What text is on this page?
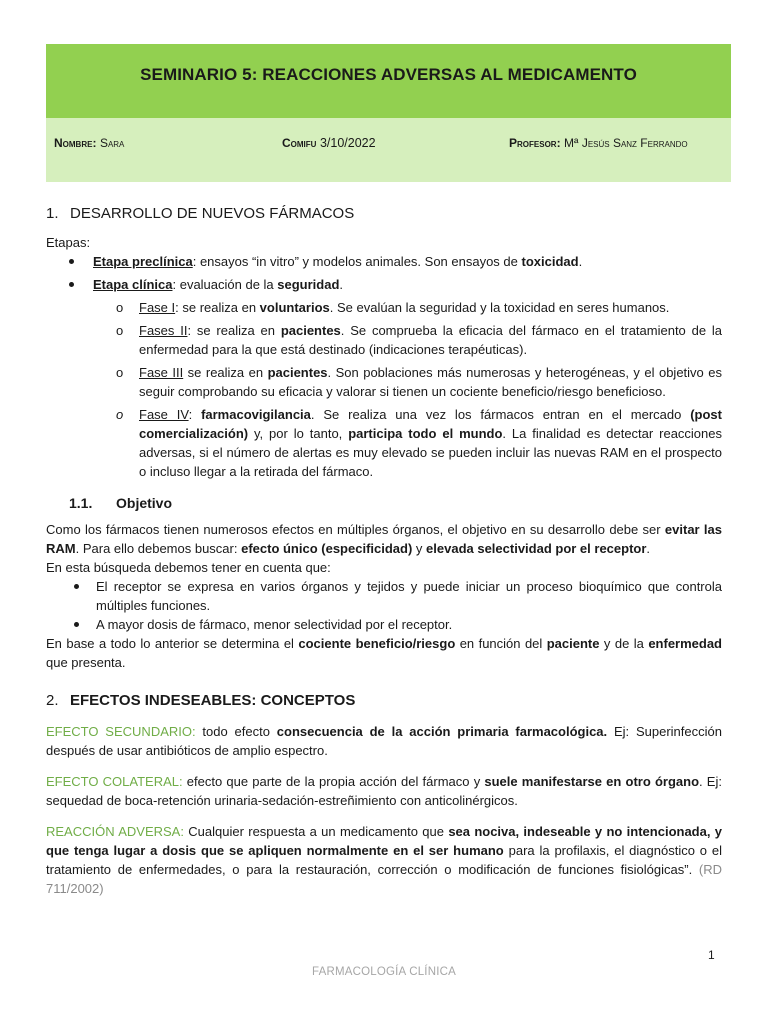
SEMINARIO 5: REACCIONES ADVERSAS AL MEDICAMENTO
Nombre: Sara	Comifu 3/10/2022	Profesor: Mª Jesús Sanz Ferrando
1. DESARROLLO DE NUEVOS FÁRMACOS

Etapas:

Etapa preclínica: ensayos “in vitro” y modelos animales. Son ensayos de toxicidad.
Etapa clínica: evaluación de la seguridad.
o Fase I: se realiza en voluntarios. Se evalúan la seguridad y la toxicidad en seres humanos.
o Fases II: se realiza en pacientes. Se comprueba la eficacia del fármaco en el tratamiento de la enfermedad para la que está destinado (indicaciones terapéuticas).
o Fase III se realiza en pacientes. Son poblaciones más numerosas y heterogéneas, y el objetivo es seguir comprobando su eficacia y valorar si tienen un cociente beneficio/riesgo beneficioso.
o Fase IV: farmacovigilancia. Se realiza una vez los fármacos entran en el mercado (post comercialización) y, por lo tanto, participa todo el mundo. La finalidad es detectar reacciones adversas, si el número de alertas es muy elevado se pueden incluir las nuevas RAM en el prospecto o incluso llegar a la retirada del fármaco.
1.1. Objetivo

Como los fármacos tienen numerosos efectos en múltiples órganos, el objetivo en su desarrollo debe ser evitar las RAM. Para ello debemos buscar: efecto único (especificidad) y elevada selectividad por el receptor.

En esta búsqueda debemos tener en cuenta que:

El receptor se expresa en varios órganos y tejidos y puede iniciar un proceso bioquímico que controla múltiples funciones.
A mayor dosis de fármaco, menor selectividad por el receptor.

En base a todo lo anterior se determina el cociente beneficio/riesgo en función del paciente y de la enfermedad que presenta.

2. EFECTOS INDESEABLES: CONCEPTOS

EFECTO SECUNDARIO: todo efecto consecuencia de la acción primaria farmacológica. Ej: Superinfección después de usar antibióticos de amplio espectro.

EFECTO COLATERAL: efecto que parte de la propia acción del fármaco y suele manifestarse en otro órgano. Ej: sequedad de boca-retención urinaria-sedación-estreñimiento con anticolinérgicos.

REACCIÓN ADVERSA: Cualquier respuesta a un medicamento que sea nociva, indeseable y no intencionada, y que tenga lugar a dosis que se apliquen normalmente en el ser humano para la profilaxis, el diagnóstico o el tratamiento de enfermedades, o para la restauración, corrección o modificación de funciones fisiológicas”. (RD 711/2002)

1
FARMACOLOGÍA CLÍNICA
